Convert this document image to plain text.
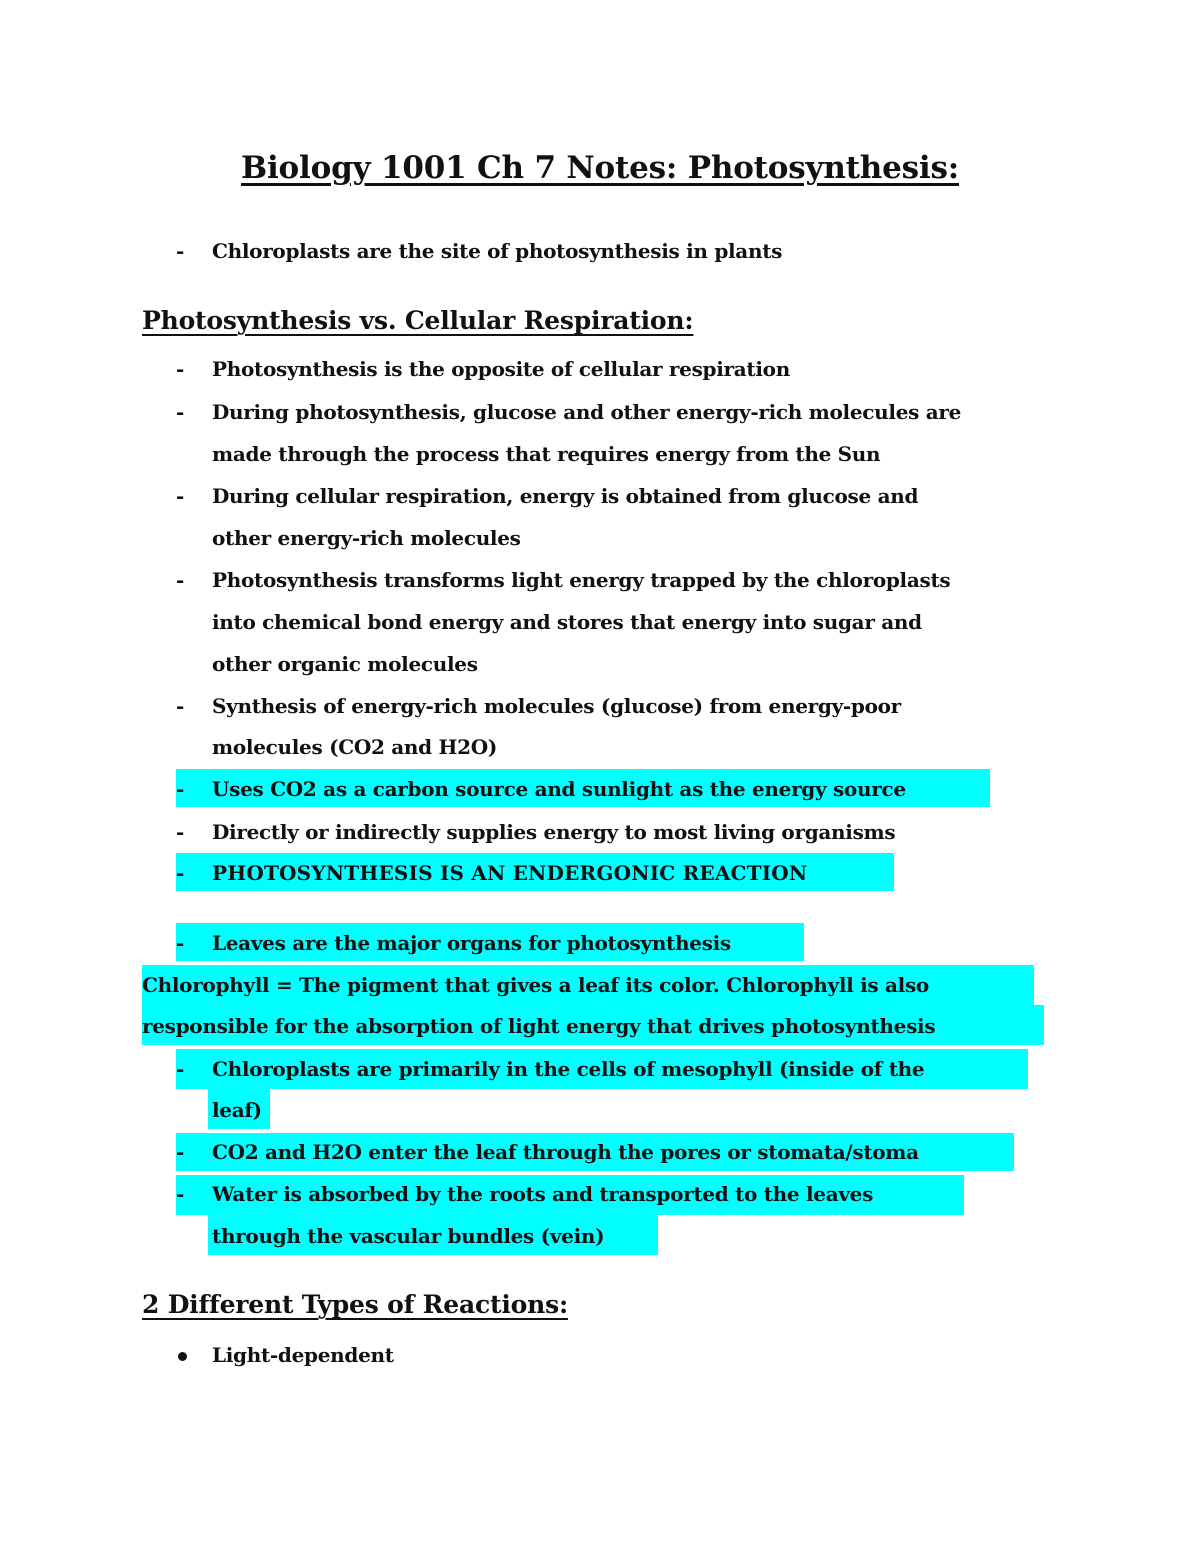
Biology 1001 Ch 7 Notes: Photosynthesis:
- Chloroplasts are the site of photosynthesis in plants
Photosynthesis vs. Cellular Respiration:
- Photosynthesis is the opposite of cellular respiration
- During photosynthesis, glucose and other energy-rich molecules are
made through the process that requires energy from the Sun
- During cellular respiration, energy is obtained from glucose and
other energy-rich molecules
- Photosynthesis transforms light energy trapped by the chloroplasts
into chemical bond energy and stores that energy into sugar and
other organic molecules
- Synthesis of energy-rich molecules (glucose) from energy-poor
molecules (CO2 and H2O)
- Uses CO2 as a carbon source and sunlight as the energy source
- Directly or indirectly supplies energy to most living organisms
- PHOTOSYNTHESIS IS AN ENDERGONIC REACTION
- Leaves are the major organs for photosynthesis
Chlorophyll = The pigment that gives a leaf its color. Chlorophyll is also
responsible for the absorption of light energy that drives photosynthesis
- Chloroplasts are primarily in the cells of mesophyll (inside of the
leaf)
- CO2 and H2O enter the leaf through the pores or stomata/stoma
- Water is absorbed by the roots and transported to the leaves
through the vascular bundles (vein)
2 Different Types of Reactions:
Light-dependent
